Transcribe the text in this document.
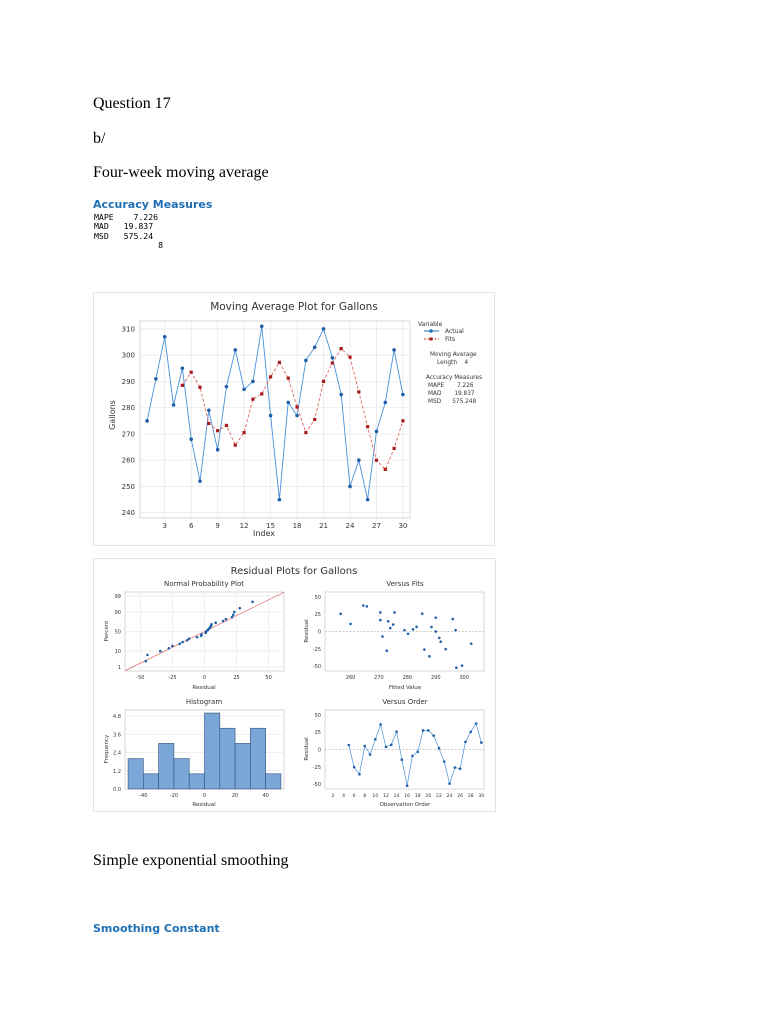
Question 17
b/
Four-week moving average
Accuracy Measures
MAPE 7.226
MAD 19.837
MSD 575.24
8
Moving Average Plot for Gallons
Index
Gallons
Variable
Actual
Fits
Moving Average
Length    4
Accuracy Measures
MAPE       7.226
MAD       19.837
MSD      575.248
240
250
260
270
280
290
300
310
3	6	9	12	15	18	21	24	27	30
Residual Plots for Gallons
Normal Probability Plot	Versus Fits
Histogram	Versus Order
Residual	Fitted Value
Residual	Observation Order
Percent	Residual
Frequency	Residual
-50	-25	0	25	50
1
10
50
90
99	50
25
0
-25
-50
260	270	280	290	300
0.0
1.2
2.4
3.6
4.8
-40	-20	0	20	40
50
25
0
-25
-50
2 4 6 8 10 12 14 16 18 20 22 24 26 28 30
Simple exponential smoothing
Smoothing Constant
